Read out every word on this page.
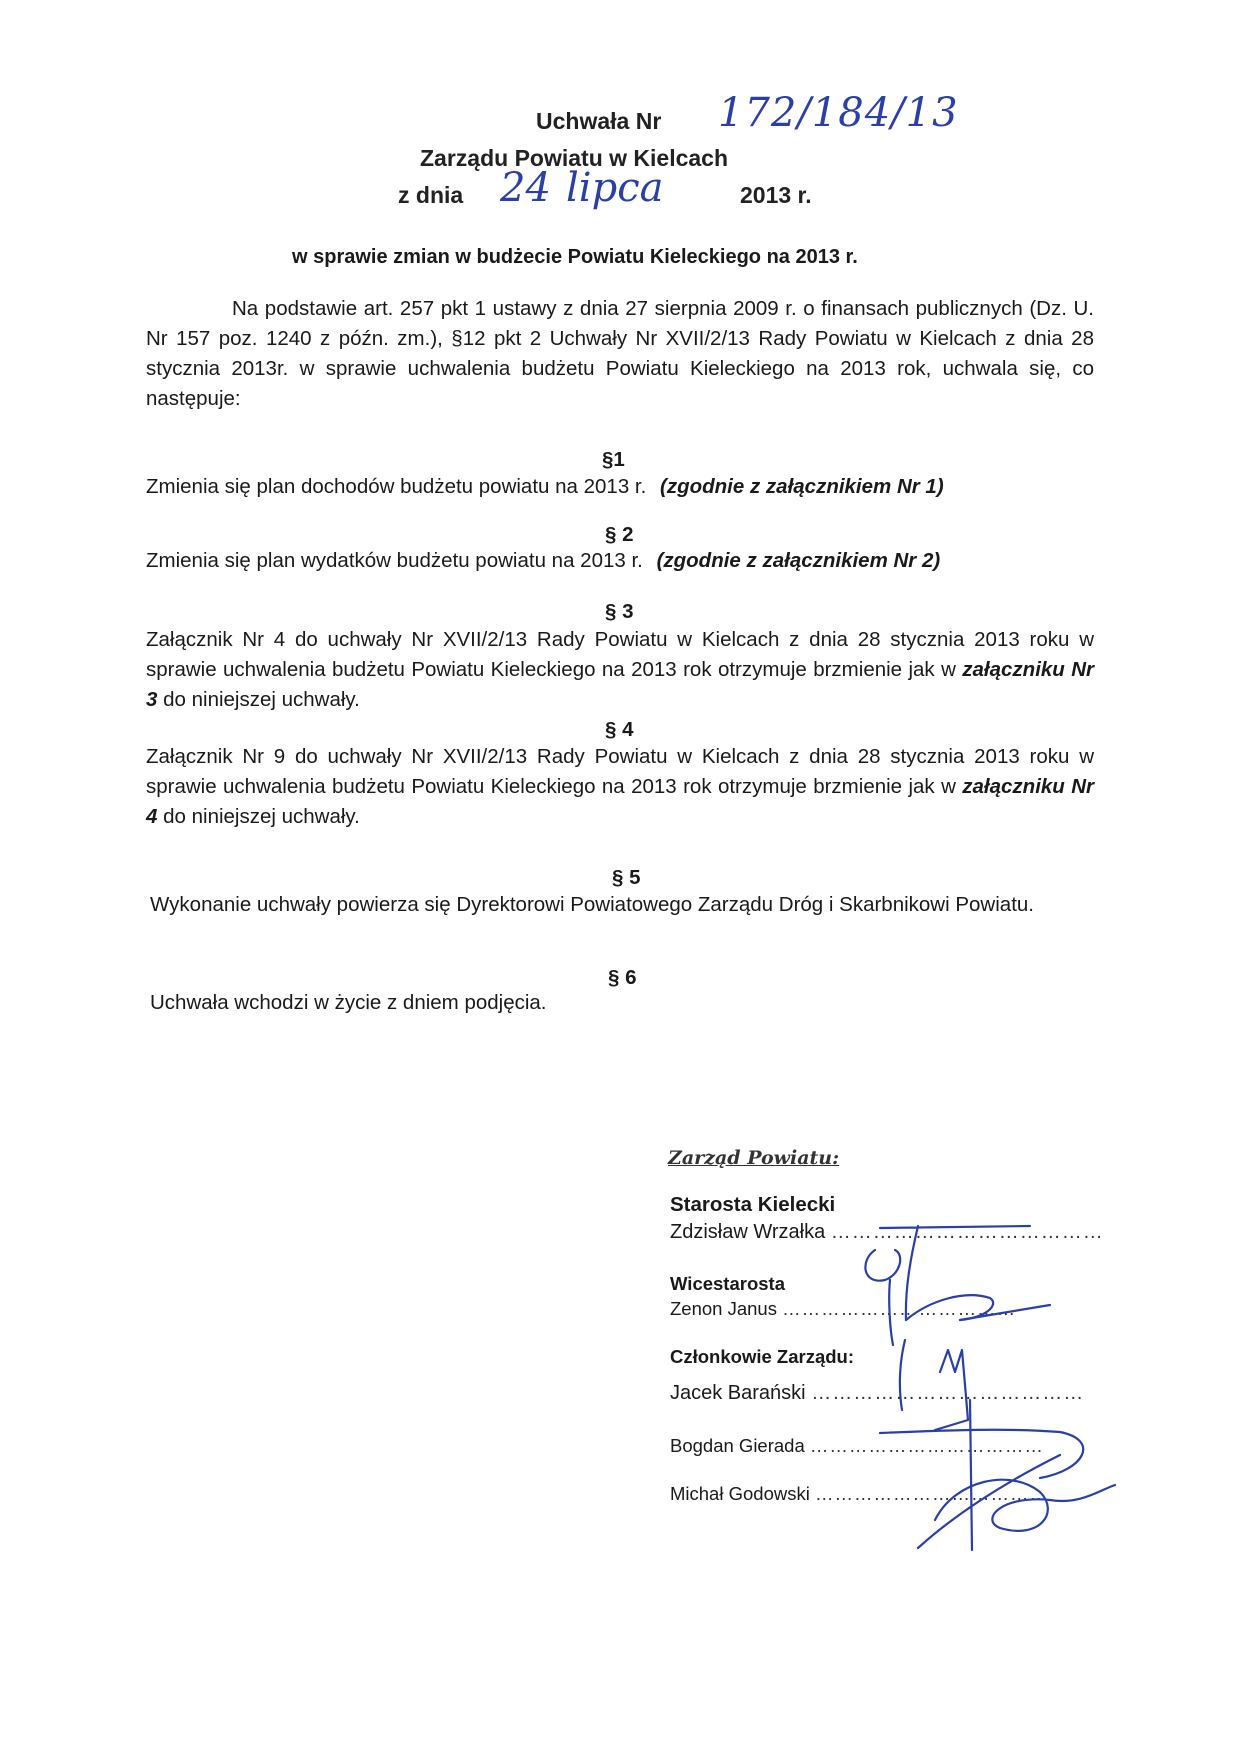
Uchwała Nr 172/184/13
Zarządu Powiatu w Kielcach
z dnia 24 lipca	2013 r.
w sprawie zmian w budżecie Powiatu Kieleckiego na 2013 r.
Na podstawie art. 257 pkt 1 ustawy z dnia 27 sierpnia 2009 r. o finansach publicznych (Dz. U. Nr 157 poz. 1240 z późn. zm.), §12 pkt 2 Uchwały Nr XVII/2/13 Rady Powiatu w Kielcach z dnia 28 stycznia 2013r. w sprawie uchwalenia budżetu Powiatu Kieleckiego na 2013 rok, uchwala się, co następuje:
§1
Zmienia się plan dochodów budżetu powiatu na 2013 r. (zgodnie z załącznikiem Nr 1)
§ 2
Zmienia się plan wydatków budżetu powiatu na 2013 r. (zgodnie z załącznikiem Nr 2)
§ 3
Załącznik Nr 4 do uchwały Nr XVII/2/13 Rady Powiatu w Kielcach z dnia 28 stycznia 2013 roku w sprawie uchwalenia budżetu Powiatu Kieleckiego na 2013 rok otrzymuje brzmienie jak w załączniku Nr 3 do niniejszej uchwały.
§ 4
Załącznik Nr 9 do uchwały Nr XVII/2/13 Rady Powiatu w Kielcach z dnia 28 stycznia 2013 roku w sprawie uchwalenia budżetu Powiatu Kieleckiego na 2013 rok otrzymuje brzmienie jak w załączniku Nr 4 do niniejszej uchwały.
§ 5
Wykonanie uchwały powierza się Dyrektorowi Powiatowego Zarządu Dróg i Skarbnikowi Powiatu.
§ 6
Uchwała wchodzi w życie z dniem podjęcia.
Zarząd Powiatu:
Starosta Kielecki
Zdzisław Wrzałka …………………………………
Wicestarosta
Zenon Janus ………………………………
Członkowie Zarządu:
Jacek Barański …………………………………
Bogdan Gierada ………………………………
Michał Godowski ………………………………
